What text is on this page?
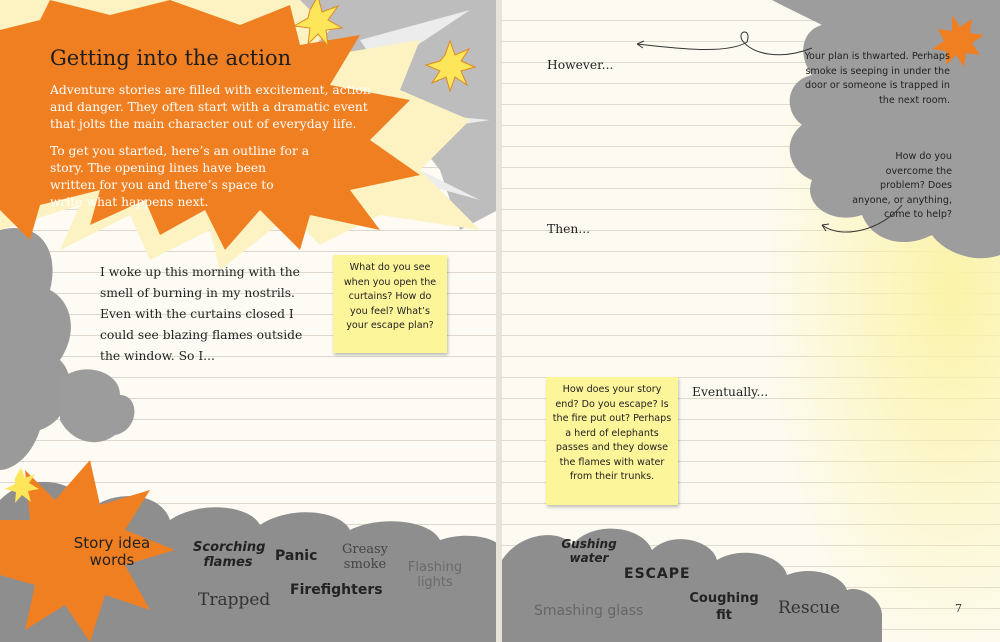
Getting into the action

Adventure stories are filled with excitement, action and danger. They often start with a dramatic event that jolts the main character out of everyday life.

To get you started, here’s an outline for a story. The opening lines have been written for you and there’s space to write what happens next.

I woke up this morning with the smell of burning in my nostrils. Even with the curtains closed I could see blazing flames outside the window. So I...
What do you see when you open the curtains? How do you feel? What’s your escape plan?
Story idea words
Scorching flames	Panic Greasy smoke Flashing lights
Trapped Firefighters
However...
Then...
Eventually...
Your plan is thwarted. Perhaps smoke is seeping in under the door or someone is trapped in the next room.
How do you overcome the problem? Does anyone, or anything, come to help?
How does your story end? Do you escape? Is the fire put out? Perhaps a herd of elephants passes and they dowse the flames with water from their trunks.
Gushing water
ESCAPE
Smashing glass
Coughing fit	Rescue	7
